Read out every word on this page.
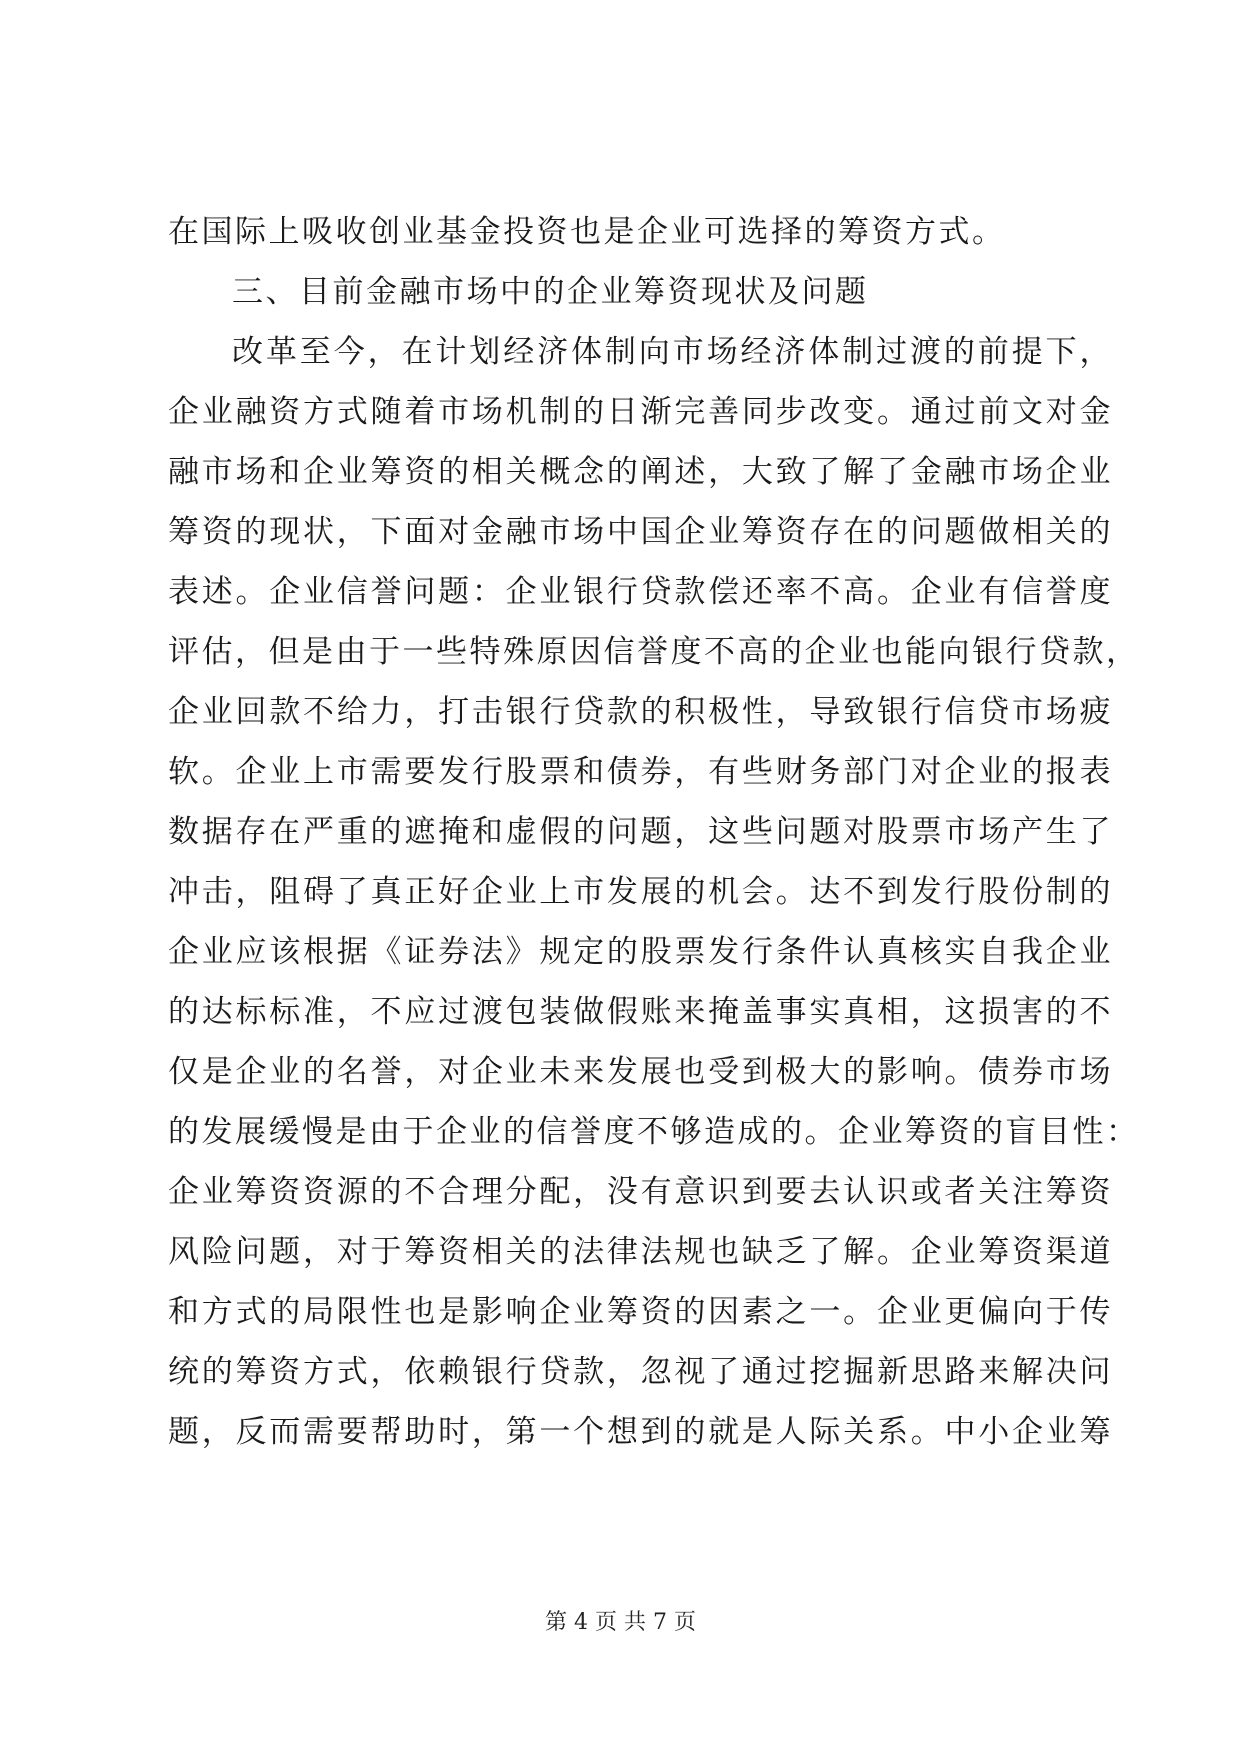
在国际上吸收创业基金投资也是企业可选择的筹资方式。
三、目前金融市场中的企业筹资现状及问题
改革至今，在计划经济体制向市场经济体制过渡的前提下，
企业融资方式随着市场机制的日渐完善同步改变。通过前文对金
融市场和企业筹资的相关概念的阐述，大致了解了金融市场企业
筹资的现状，下面对金融市场中国企业筹资存在的问题做相关的
表述。企业信誉问题：企业银行贷款偿还率不高。企业有信誉度
评估，但是由于一些特殊原因信誉度不高的企业也能向银行贷款，
企业回款不给力，打击银行贷款的积极性，导致银行信贷市场疲
软。企业上市需要发行股票和债券，有些财务部门对企业的报表
数据存在严重的遮掩和虚假的问题，这些问题对股票市场产生了
冲击，阻碍了真正好企业上市发展的机会。达不到发行股份制的
企业应该根据《证券法》规定的股票发行条件认真核实自我企业
的达标标准，不应过渡包装做假账来掩盖事实真相，这损害的不
仅是企业的名誉，对企业未来发展也受到极大的影响。债券市场
的发展缓慢是由于企业的信誉度不够造成的。企业筹资的盲目性：
企业筹资资源的不合理分配，没有意识到要去认识或者关注筹资
风险问题，对于筹资相关的法律法规也缺乏了解。企业筹资渠道
和方式的局限性也是影响企业筹资的因素之一。企业更偏向于传
统的筹资方式，依赖银行贷款，忽视了通过挖掘新思路来解决问
题，反而需要帮助时，第一个想到的就是人际关系。中小企业筹
第 4 页 共 7 页
